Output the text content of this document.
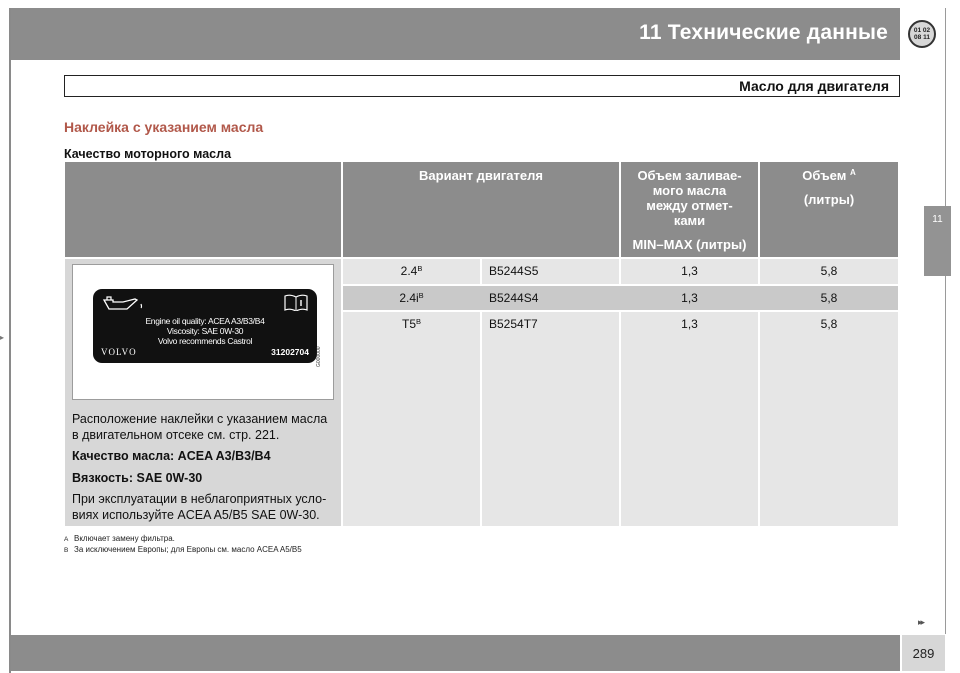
▸
11 Технические данные	01 02
08 11
Масло для двигателя
11
Наклейка с указанием масла
Качество моторного масла
Вариант двигателя	Объем заливае-
мого масла
между отмет-
ками
MIN–MAX (литры)
Объем $^A$
(литры)
$2.4^B$	B5244S5	1,3	5,8
$2.4i^B$	B5244S4	1,3	5,8
$T5^B$	B5254T7	1,3	5,8
Engine oil quality: ACEA A3/B3/B4
Viscosity: SAE 0W-30
Volvo recommends Castrol
VOLVO	31202704 G000000
Расположение наклейки с указанием масла
в двигательном отсеке см. стр. 221.
Качество масла: ACEA A3/B3/B4
Вязкость: SAE 0W-30
При эксплуатации в неблагоприятных усло-
виях используйте ACEA A5/B5 SAE 0W-30.
A Включает замену фильтра.
B За исключением Европы; для Европы см. масло ACEA A5/B5
▸▸
289
